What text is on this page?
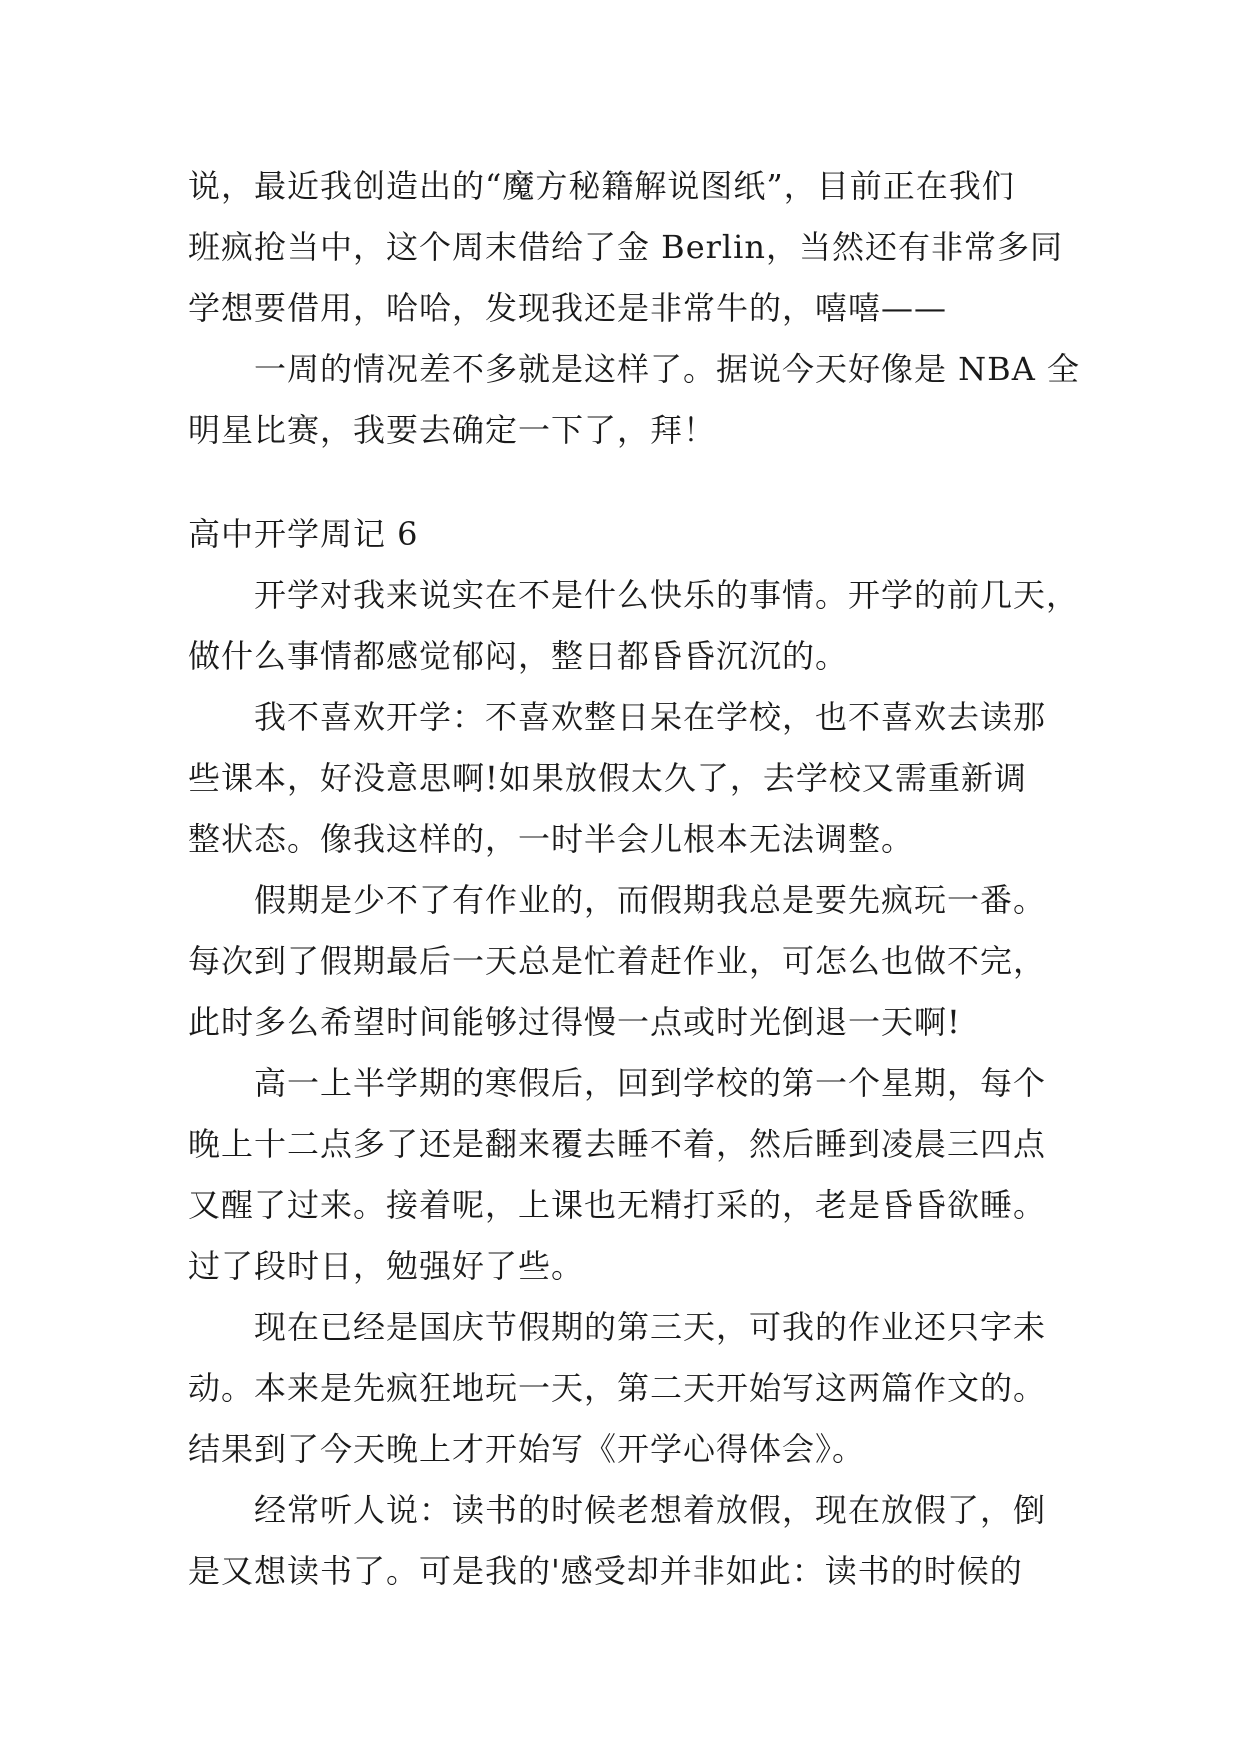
说，最近我创造出的“魔方秘籍解说图纸”，目前正在我们
班疯抢当中，这个周末借给了金 Berlin，当然还有非常多同
学想要借用，哈哈，发现我还是非常牛的，嘻嘻——
一周的情况差不多就是这样了。据说今天好像是 NBA 全
明星比赛，我要去确定一下了，拜！
高中开学周记 6
开学对我来说实在不是什么快乐的事情。开学的前几天，
做什么事情都感觉郁闷，整日都昏昏沉沉的。
我不喜欢开学：不喜欢整日呆在学校，也不喜欢去读那
些课本，好没意思啊!如果放假太久了，去学校又需重新调
整状态。像我这样的，一时半会儿根本无法调整。
假期是少不了有作业的，而假期我总是要先疯玩一番。
每次到了假期最后一天总是忙着赶作业，可怎么也做不完，
此时多么希望时间能够过得慢一点或时光倒退一天啊!
高一上半学期的寒假后，回到学校的第一个星期，每个
晚上十二点多了还是翻来覆去睡不着，然后睡到凌晨三四点
又醒了过来。接着呢，上课也无精打采的，老是昏昏欲睡。
过了段时日，勉强好了些。
现在已经是国庆节假期的第三天，可我的作业还只字未
动。本来是先疯狂地玩一天，第二天开始写这两篇作文的。
结果到了今天晚上才开始写《开学心得体会》。
经常听人说：读书的时候老想着放假，现在放假了，倒
是又想读书了。可是我的'感受却并非如此：读书的时候的
